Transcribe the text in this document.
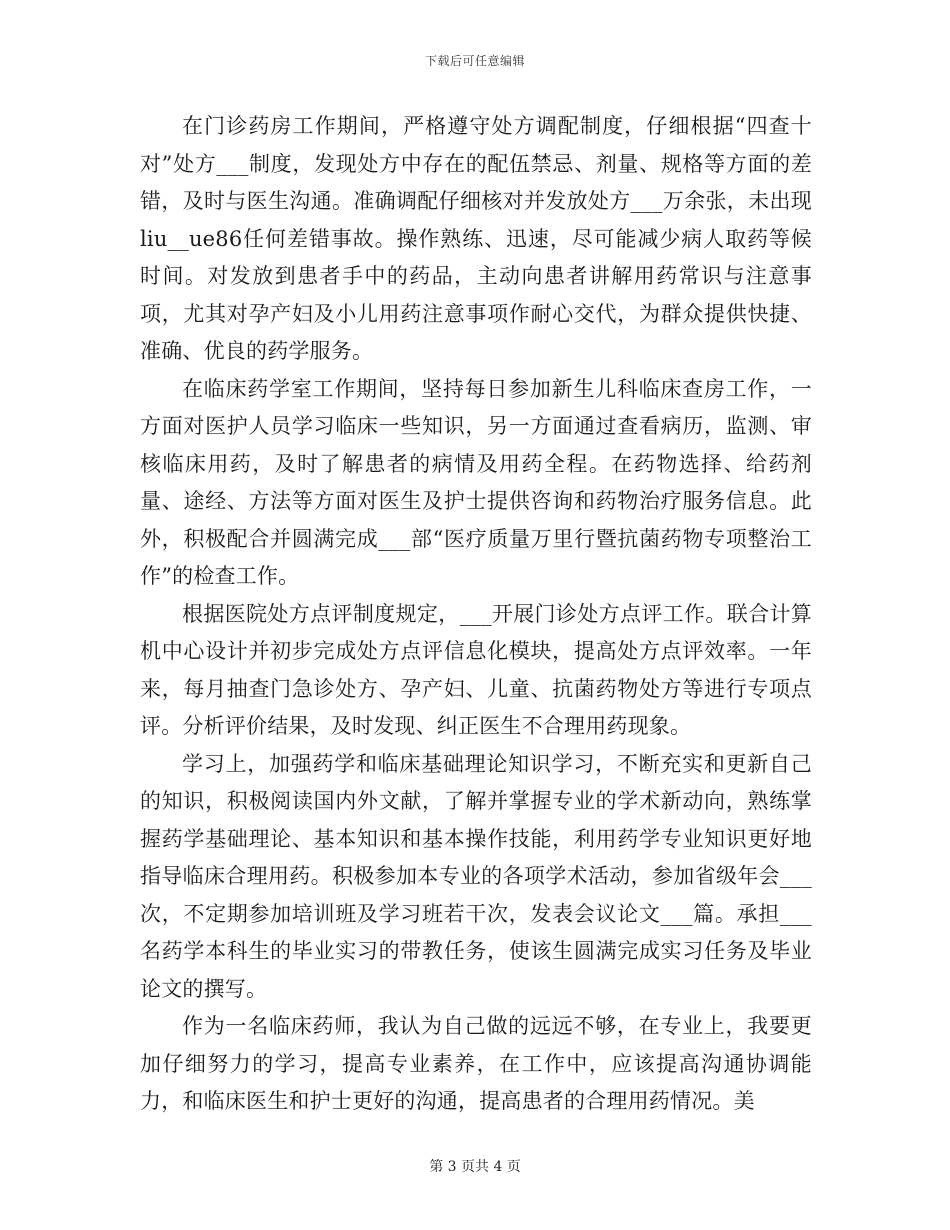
下载后可任意编辑

在门诊药房工作期间，严格遵守处方调配制度，仔细根据“四查十对”处方___制度，发现处方中存在的配伍禁忌、剂量、规格等方面的差错，及时与医生沟通。准确调配仔细核对并发放处方___万余张，未出现liu__ue86任何差错事故。操作熟练、迅速，尽可能减少病人取药等候时间。对发放到患者手中的药品，主动向患者讲解用药常识与注意事项，尤其对孕产妇及小儿用药注意事项作耐心交代，为群众提供快捷、准确、优良的药学服务。

在临床药学室工作期间，坚持每日参加新生儿科临床查房工作，一方面对医护人员学习临床一些知识，另一方面通过查看病历，监测、审核临床用药，及时了解患者的病情及用药全程。在药物选择、给药剂量、途经、方法等方面对医生及护士提供咨询和药物治疗服务信息。此外，积极配合并圆满完成___部“医疗质量万里行暨抗菌药物专项整治工作”的检查工作。

根据医院处方点评制度规定，___开展门诊处方点评工作。联合计算机中心设计并初步完成处方点评信息化模块，提高处方点评效率。一年来，每月抽查门急诊处方、孕产妇、儿童、抗菌药物处方等进行专项点评。分析评价结果，及时发现、纠正医生不合理用药现象。

学习上，加强药学和临床基础理论知识学习，不断充实和更新自己的知识，积极阅读国内外文献，了解并掌握专业的学术新动向，熟练掌握药学基础理论、基本知识和基本操作技能，利用药学专业知识更好地指导临床合理用药。积极参加本专业的各项学术活动，参加省级年会___次，不定期参加培训班及学习班若干次，发表会议论文___篇。承担___名药学本科生的毕业实习的带教任务，使该生圆满完成实习任务及毕业论文的撰写。

作为一名临床药师，我认为自己做的远远不够，在专业上，我要更加仔细努力的学习，提高专业素养，在工作中，应该提高沟通协调能力，和临床医生和护士更好的沟通，提高患者的合理用药情况。美

第 3 页共 4 页
